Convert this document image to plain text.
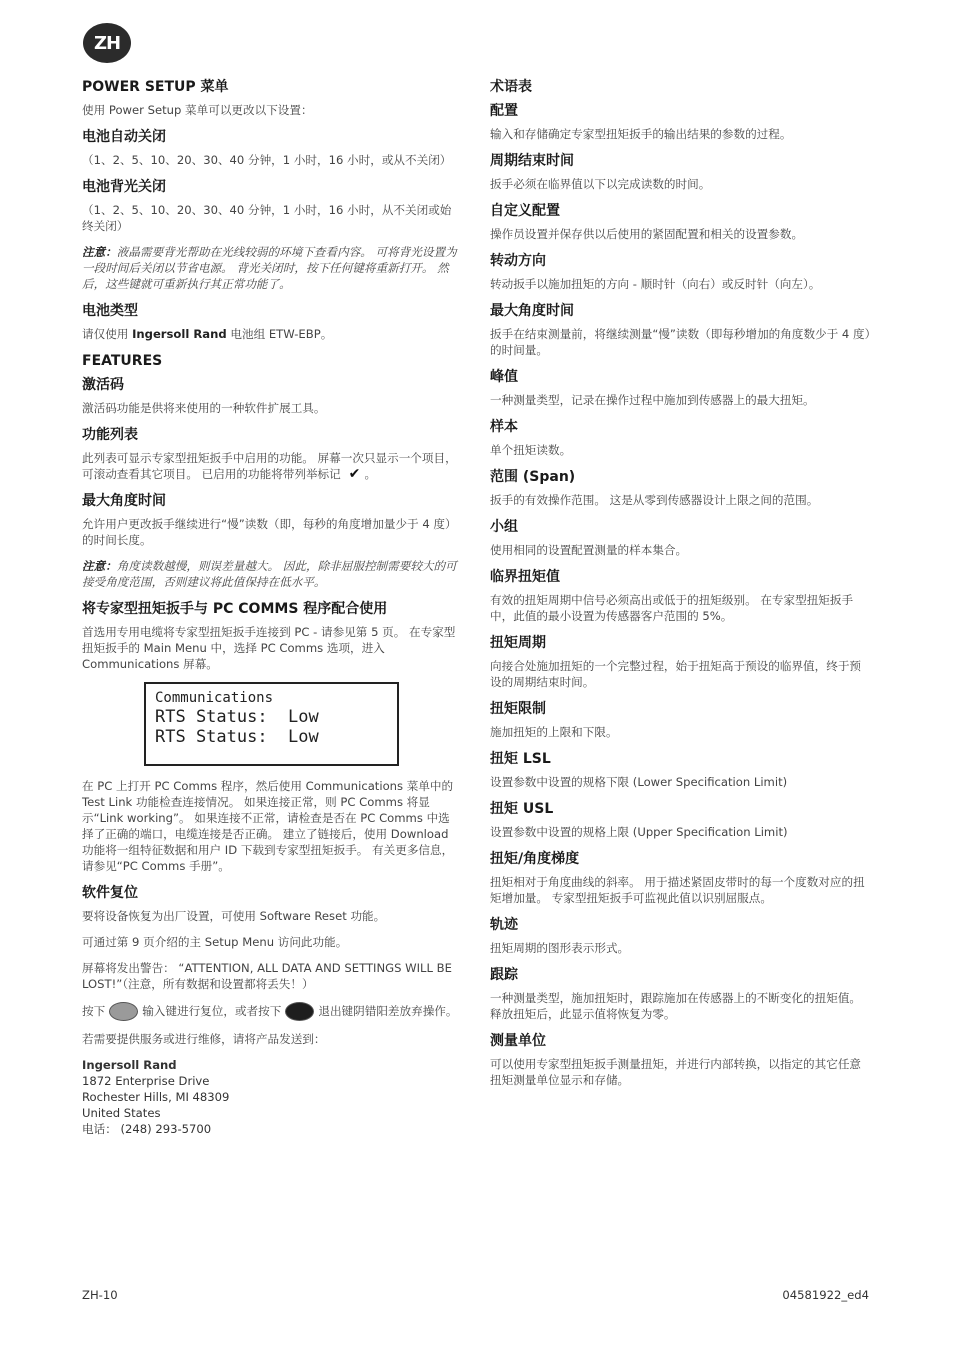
ZH
POWER SETUP 菜单
使用 Power Setup 菜单可以更改以下设置：
电池自动关闭
（1、2、5、10、20、30、40 分钟，1 小时，16 小时，或从不关闭）
电池背光关闭
（1、2、5、10、20、30、40 分钟，1 小时，16 小时，从不关闭或始终关闭）
注意：液晶需要背光帮助在光线较弱的环境下查看内容。 可将背光设置为一段时间后关闭以节省电源。 背光关闭时，按下任何键将重新打开。 然后，这些键就可重新执行其正常功能了。
电池类型
请仅使用 Ingersoll Rand 电池组 ETW-EBP。
FEATURES
激活码
激活码功能是供将来使用的一种软件扩展工具。
功能列表
此列表可显示专家型扭矩扳手中启用的功能。 屏幕一次只显示一个项目，可滚动查看其它项目。 已启用的功能将带列举标记 ✔ 。
最大角度时间
允许用户更改扳手继续进行“慢”读数（即，每秒的角度增加量少于 4 度）的时间长度。
注意：角度读数越慢，则误差量越大。 因此，除非屈服控制需要较大的可接受角度范围，否则建议将此值保持在低水平。
将专家型扭矩扳手与 PC COMMS 程序配合使用
首选用专用电缆将专家型扭矩扳手连接到 PC - 请参见第 5 页。 在专家型扭矩扳手的 Main Menu 中，选择 PC Comms 选项，进入 Communications 屏幕。
Communications
RTS Status:  Low
RTS Status:  Low
在 PC 上打开 PC Comms 程序，然后使用 Communications 菜单中的 Test Link 功能检查连接情况。 如果连接正常，则 PC Comms 将显示“Link working”。 如果连接不正常，请检查是否在 PC Comms 中选择了正确的端口，电缆连接是否正确。 建立了链接后，使用 Download 功能将一组特征数据和用户 ID 下载到专家型扭矩扳手。 有关更多信息，请参见“PC Comms 手册”。
软件复位
要将设备恢复为出厂设置，可使用 Software Reset 功能。
可通过第 9 页介绍的主 Setup Menu 访问此功能。
屏幕将发出警告： “ATTENTION, ALL DATA AND SETTINGS WILL BE LOST!”（注意，所有数据和设置都将丢失！）
按下	输入键进行复位，或者按下	退出键阴错阳差放弃操作。
若需要提供服务或进行维修，请将产品发送到：

Ingersoll Rand

1872 Enterprise Drive

Rochester Hills, MI 48309

United States

电话： (248) 293-5700

术语表
配置
输入和存储确定专家型扭矩扳手的输出结果的参数的过程。
周期结束时间
扳手必须在临界值以下以完成读数的时间。
自定义配置
操作员设置并保存供以后使用的紧固配置和相关的设置参数。
转动方向
转动扳手以施加扭矩的方向 - 顺时针（向右）或反时针（向左）。
最大角度时间
扳手在结束测量前，将继续测量“慢”读数（即每秒增加的角度数少于 4 度）的时间量。
峰值
一种测量类型，记录在操作过程中施加到传感器上的最大扭矩。
样本
单个扭矩读数。
范围 (Span)
扳手的有效操作范围。 这是从零到传感器设计上限之间的范围。
小组
使用相同的设置配置测量的样本集合。
临界扭矩值
有效的扭矩周期中信号必须高出或低于的扭矩级别。 在专家型扭矩扳手中，此值的最小设置为传感器客户范围的 5%。
扭矩周期
向接合处施加扭矩的一个完整过程，始于扭矩高于预设的临界值，终于预设的周期结束时间。
扭矩限制
施加扭矩的上限和下限。
扭矩 LSL
设置参数中设置的规格下限 (Lower Specification Limit)
扭矩 USL
设置参数中设置的规格上限 (Upper Specification Limit)
扭矩/角度梯度
扭矩相对于角度曲线的斜率。 用于描述紧固皮带时的每一个度数对应的扭矩增加量。 专家型扭矩扳手可监视此值以识别屈服点。
轨迹
扭矩周期的图形表示形式。
跟踪
一种测量类型，施加扭矩时，跟踪施加在传感器上的不断变化的扭矩值。 释放扭矩后，此显示值将恢复为零。
测量单位
可以使用专家型扭矩扳手测量扭矩，并进行内部转换，以指定的其它任意扭矩测量单位显示和存储。
ZH-10	04581922_ed4
